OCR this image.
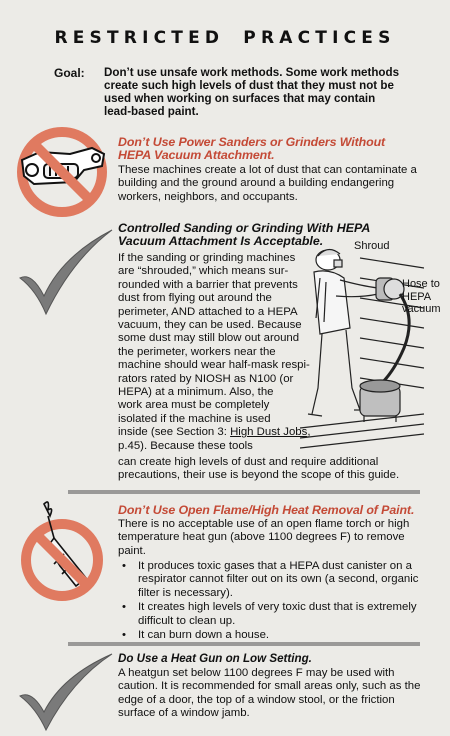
RESTRICTED PRACTICES
Goal: Don’t use unsafe work methods. Some work methods create such high levels of dust that they must not be used when working on surfaces that may contain lead-based paint.
Don’t Use Power Sanders or Grinders Without HEPA Vacuum Attachment.
These machines create a lot of dust that can contaminate a building and the ground around a building endangering workers, neighbors, and occupants.
Controlled Sanding or Grinding With HEPA Vacuum Attachment Is Acceptable.
If the sanding or grinding machines
are “shrouded,” which means sur-
rounded with a barrier that prevents
dust from flying out around the
perimeter, AND attached to a HEPA
vacuum, they can be used. Because
some dust may still blow out around
the perimeter, workers near the
machine should wear half-mask respi-
rators rated by NIOSH as N100 (or
HEPA) at a minimum. Also, the
work area must be completely
isolated if the machine is used
inside (see Section 3: High Dust Jobs, p.45). Because these tools
can create high levels of dust and require additional precautions, their use is beyond the scope of this guide.
Shroud
Hose to HEPA vacuum
Don’t Use Open Flame/High Heat Removal of Paint.
There is no acceptable use of an open flame torch or high temperature heat gun (above 1100 degrees F) to remove paint.
• It produces toxic gases that a HEPA dust canister on a respirator cannot filter out on its own (a second, organic filter is necessary).
• It creates high levels of very toxic dust that is extremely difficult to clean up.
• It can burn down a house.
Do Use a Heat Gun on Low Setting.
A heatgun set below 1100 degrees F may be used with caution. It is recommended for small areas only, such as the edge of a door, the top of a window stool, or the friction surface of a window jamb.
